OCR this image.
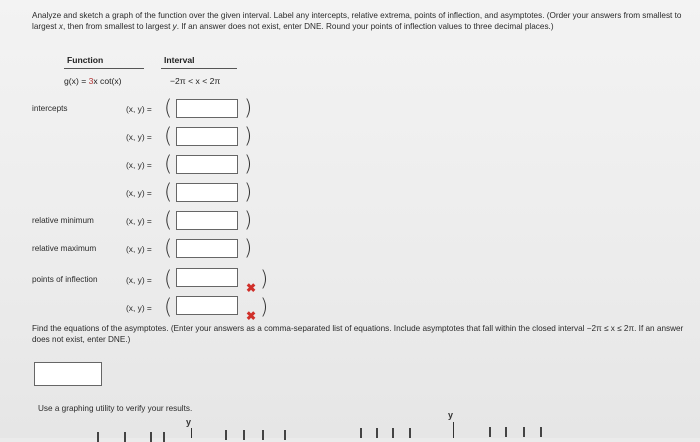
Analyze and sketch a graph of the function over the given interval. Label any intercepts, relative extrema, points of inflection, and asymptotes. (Order your answers from smallest to largest x, then from smallest to largest y. If an answer does not exist, enter DNE. Round your points of inflection values to three decimal places.)
Function	Interval
g(x) = 3x cot(x)	−2π < x < 2π
intercepts	(x, y) = (	)
(x, y) = (	)
(x, y) = (	)
(x, y) = (	)
relative minimum	(x, y) = (	)
relative maximum	(x, y) = (	)
points of inflection	(x, y) = (	✖ )
(x, y) = (	✖ )
Find the equations of the asymptotes. (Enter your answers as a comma-separated list of equations. Include asymptotes that fall within the closed interval −2π ≤ x ≤ 2π. If an answer does not exist, enter DNE.)
Use a graphing utility to verify your results.
y
y
